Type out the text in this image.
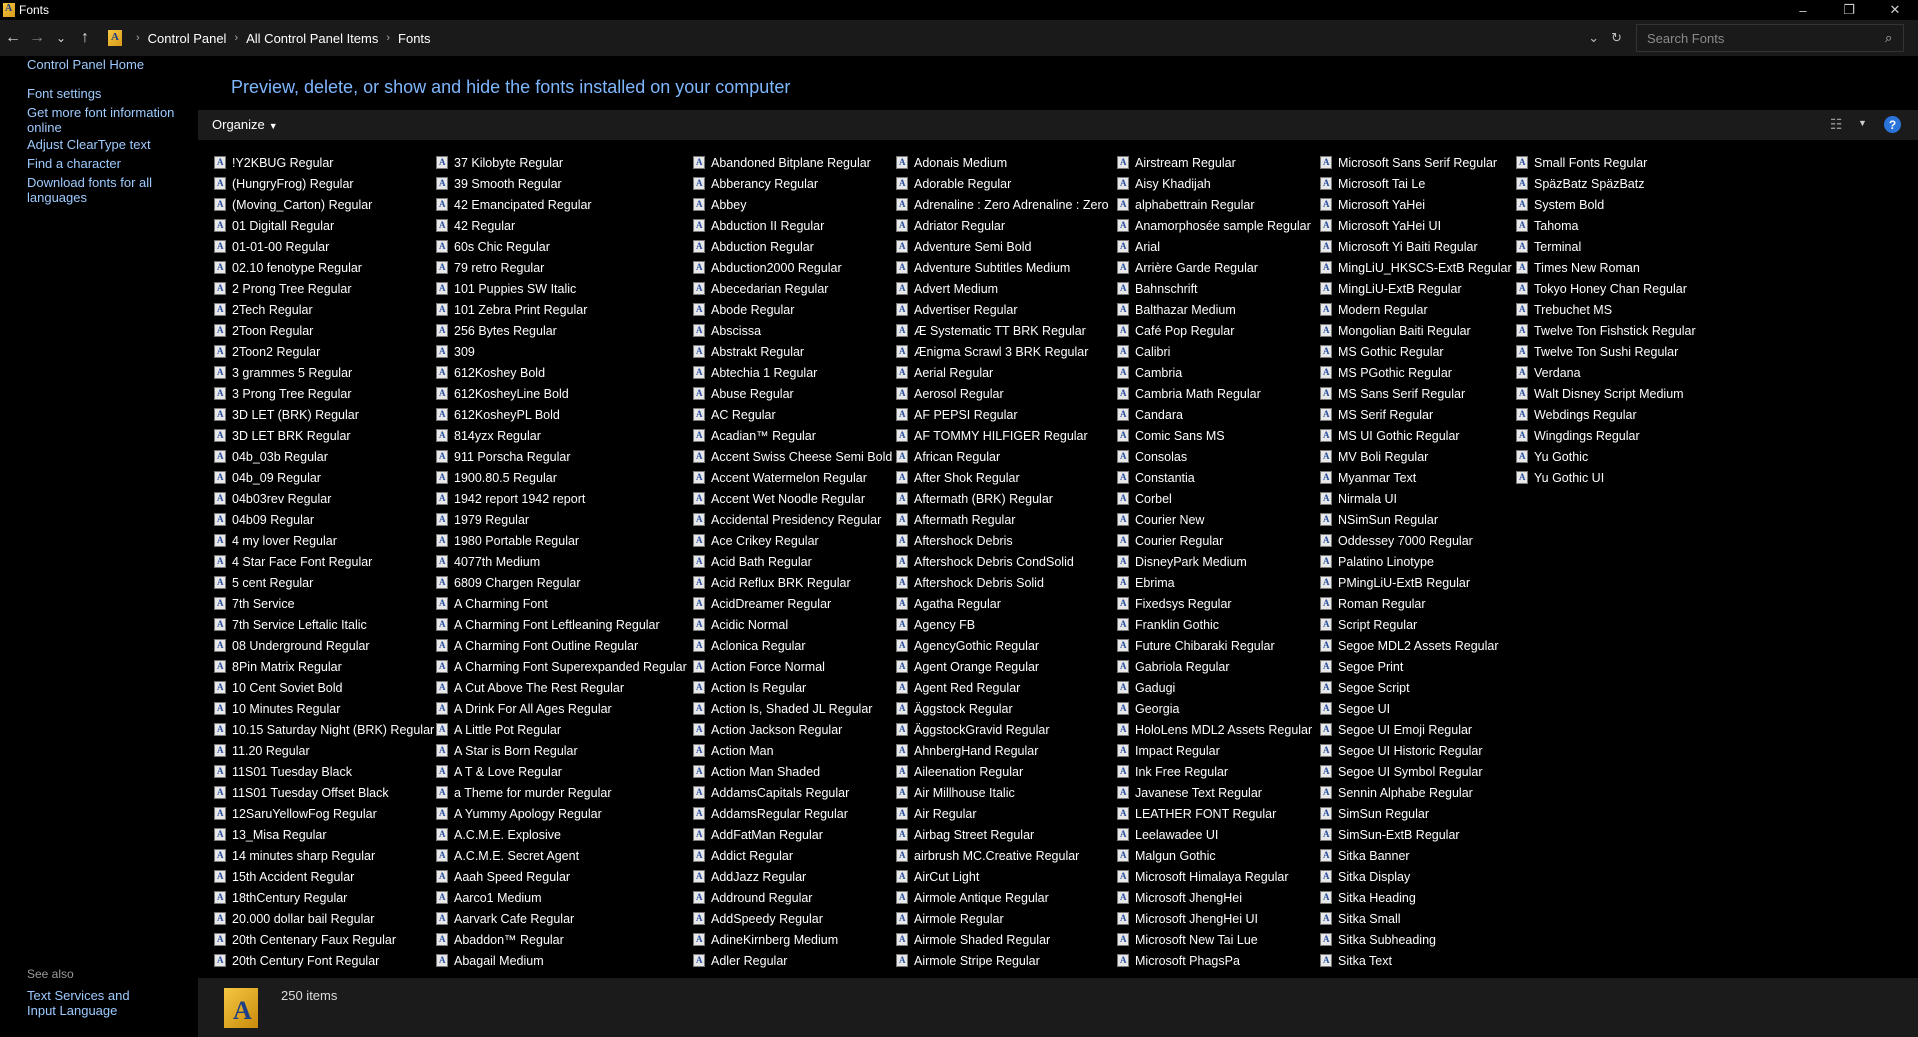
A
Fonts	–	❐	✕
← → ⌄ ↑
A	› Control Panel › All Control Panel Items › Fonts	⌄ ↻
Search Fonts	⌕
Control Panel Home
Font settings
Get more font information online
Adjust ClearType text
Find a character
Download fonts for all languages
See also
Text Services and Input Language
Preview, delete, or show and hide the fonts installed on your computer
Organize ▼	☷ ▼	?
A
!Y2KBUG Regular
A
(HungryFrog) Regular
A
(Moving_Carton) Regular
A
01 Digitall Regular
A
01-01-00 Regular
A
02.10 fenotype Regular
A
2 Prong Tree Regular
A
2Tech Regular
A
2Toon Regular
A
2Toon2 Regular
A
3 grammes 5 Regular
A
3 Prong Tree Regular
A
3D LET (BRK) Regular
A
3D LET BRK Regular
A
04b_03b Regular
A
04b_09 Regular
A
04b03rev Regular
A
04b09 Regular
A
4 my lover Regular
A
4 Star Face Font Regular
A
5 cent Regular
A
7th Service
A
7th Service Leftalic Italic
A
08 Underground Regular
A
8Pin Matrix Regular
A
10 Cent Soviet Bold
A
10 Minutes Regular
A
10.15 Saturday Night (BRK) Regular
A
11.20 Regular
A
11S01 Tuesday Black
A
11S01 Tuesday Offset Black
A
12SaruYellowFog Regular
A
13_Misa Regular
A
14 minutes sharp Regular
A
15th Accident Regular
A
18thCentury Regular
A
20.000 dollar bail Regular
A
20th Centenary Faux Regular
A
20th Century Font Regular
A
37 Kilobyte Regular
A
39 Smooth Regular
A
42 Emancipated Regular
A
42 Regular
A
60s Chic Regular
A
79 retro Regular
A
101 Puppies SW Italic
A
101 Zebra Print Regular
A
256 Bytes Regular
A
309
A
612Koshey Bold
A
612KosheyLine Bold
A
612KosheyPL Bold
A
814yzx Regular
A
911 Porscha Regular
A
1900.80.5 Regular
A
1942 report 1942 report
A
1979 Regular
A
1980 Portable Regular
A
4077th Medium
A
6809 Chargen Regular
A
A Charming Font
A
A Charming Font Leftleaning Regular
A
A Charming Font Outline Regular
A
A Charming Font Superexpanded Regular
A
A Cut Above The Rest Regular
A
A Drink For All Ages Regular
A
A Little Pot Regular
A
A Star is Born Regular
A
A T & Love Regular
A
a Theme for murder Regular
A
A Yummy Apology Regular
A
A.C.M.E. Explosive
A
A.C.M.E. Secret Agent
A
Aaah Speed Regular
A
Aarco1 Medium
A
Aarvark Cafe Regular
A
Abaddon™ Regular
A
Abagail Medium
A
Abandoned Bitplane Regular
A
Abberancy Regular
A
Abbey
A
Abduction II Regular
A
Abduction Regular
A
Abduction2000 Regular
A
Abecedarian Regular
A
Abode Regular
A
Abscissa
A
Abstrakt Regular
A
Abtechia 1 Regular
A
Abuse Regular
A
AC Regular
A
Acadian™ Regular
A
Accent Swiss Cheese Semi Bold
A
Accent Watermelon Regular
A
Accent Wet Noodle Regular
A
Accidental Presidency Regular
A
Ace Crikey Regular
A
Acid Bath Regular
A
Acid Reflux BRK Regular
A
AcidDreamer Regular
A
Acidic Normal
A
Aclonica Regular
A
Action Force Normal
A
Action Is Regular
A
Action Is, Shaded JL Regular
A
Action Jackson Regular
A
Action Man
A
Action Man Shaded
A
AddamsCapitals Regular
A
AddamsRegular Regular
A
AddFatMan Regular
A
Addict Regular
A
AddJazz Regular
A
Addround Regular
A
AddSpeedy Regular
A
AdineKirnberg Medium
A
Adler Regular
A
Adonais Medium
A
Adorable Regular
A
Adrenaline : Zero Adrenaline : Zero
A
Adriator Regular
A
Adventure Semi Bold
A
Adventure Subtitles Medium
A
Advert Medium
A
Advertiser Regular
A
Æ Systematic TT BRK Regular
A
Ænigma Scrawl 3 BRK Regular
A
Aerial Regular
A
Aerosol Regular
A
AF PEPSI Regular
A
AF TOMMY HILFIGER Regular
A
African Regular
A
After Shok Regular
A
Aftermath (BRK) Regular
A
Aftermath Regular
A
Aftershock Debris
A
Aftershock Debris CondSolid
A
Aftershock Debris Solid
A
Agatha Regular
A
Agency FB
A
AgencyGothic Regular
A
Agent Orange Regular
A
Agent Red Regular
A
Äggstock Regular
A
ÄggstockGravid Regular
A
AhnbergHand Regular
A
Aileenation Regular
A
Air Millhouse Italic
A
Air Regular
A
Airbag Street Regular
A
airbrush MC.Creative Regular
A
AirCut Light
A
Airmole Antique Regular
A
Airmole Regular
A
Airmole Shaded Regular
A
Airmole Stripe Regular
A
Airstream Regular
A
Aisy Khadijah
A
alphabettrain Regular
A
Anamorphosée sample Regular
A
Arial
A
Arrière Garde Regular
A
Bahnschrift
A
Balthazar Medium
A
Café Pop Regular
A
Calibri
A
Cambria
A
Cambria Math Regular
A
Candara
A
Comic Sans MS
A
Consolas
A
Constantia
A
Corbel
A
Courier New
A
Courier Regular
A
DisneyPark Medium
A
Ebrima
A
Fixedsys Regular
A
Franklin Gothic
A
Future Chibaraki Regular
A
Gabriola Regular
A
Gadugi
A
Georgia
A
HoloLens MDL2 Assets Regular
A
Impact Regular
A
Ink Free Regular
A
Javanese Text Regular
A
LEATHER FONT Regular
A
Leelawadee UI
A
Malgun Gothic
A
Microsoft Himalaya Regular
A
Microsoft JhengHei
A
Microsoft JhengHei UI
A
Microsoft New Tai Lue
A
Microsoft PhagsPa
A
Microsoft Sans Serif Regular
A
Microsoft Tai Le
A
Microsoft YaHei
A
Microsoft YaHei UI
A
Microsoft Yi Baiti Regular
A
MingLiU_HKSCS-ExtB Regular
A
MingLiU-ExtB Regular
A
Modern Regular
A
Mongolian Baiti Regular
A
MS Gothic Regular
A
MS PGothic Regular
A
MS Sans Serif Regular
A
MS Serif Regular
A
MS UI Gothic Regular
A
MV Boli Regular
A
Myanmar Text
A
Nirmala UI
A
NSimSun Regular
A
Oddessey 7000 Regular
A
Palatino Linotype
A
PMingLiU-ExtB Regular
A
Roman Regular
A
Script Regular
A
Segoe MDL2 Assets Regular
A
Segoe Print
A
Segoe Script
A
Segoe UI
A
Segoe UI Emoji Regular
A
Segoe UI Historic Regular
A
Segoe UI Symbol Regular
A
Sennin Alphabe Regular
A
SimSun Regular
A
SimSun-ExtB Regular
A
Sitka Banner
A
Sitka Display
A
Sitka Heading
A
Sitka Small
A
Sitka Subheading
A
Sitka Text
A
Small Fonts Regular
A
SpäzBatz SpäzBatz
A
System Bold
A
Tahoma
A
Terminal
A
Times New Roman
A
Tokyo Honey Chan Regular
A
Trebuchet MS
A
Twelve Ton Fishstick Regular
A
Twelve Ton Sushi Regular
A
Verdana
A
Walt Disney Script Medium
A
Webdings Regular
A
Wingdings Regular
A
Yu Gothic
A
Yu Gothic UI
A
250 items
